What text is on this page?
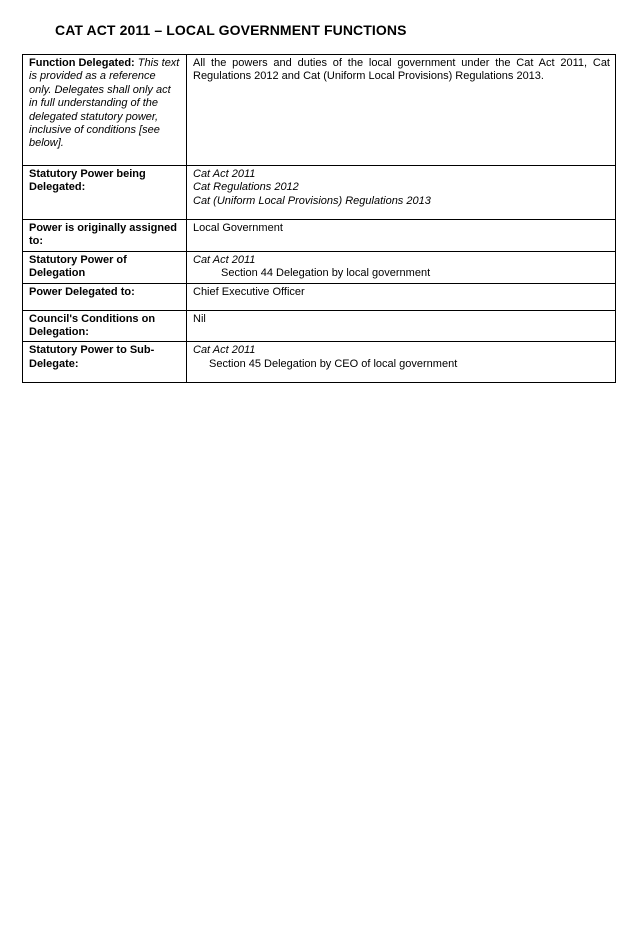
CAT ACT 2011 – LOCAL GOVERNMENT FUNCTIONS
Function Delegated: This text is provided as a reference only. Delegates shall only act in full understanding of the delegated statutory power, inclusive of conditions [see below].	All the powers and duties of the local government under the Cat Act 2011, Cat Regulations 2012 and Cat (Uniform Local Provisions) Regulations 2013.
Statutory Power being Delegated:	Cat Act 2011
Cat Regulations 2012
Cat (Uniform Local Provisions) Regulations 2013

Power is originally assigned to:	Local Government
Statutory Power of Delegation	Cat Act 2011
Section 44 Delegation by local government

Power Delegated to:	Chief Executive Officer
Council's Conditions on Delegation:	Nil
Statutory Power to Sub-Delegate:	Cat Act 2011
Section 45 Delegation by CEO of local government
